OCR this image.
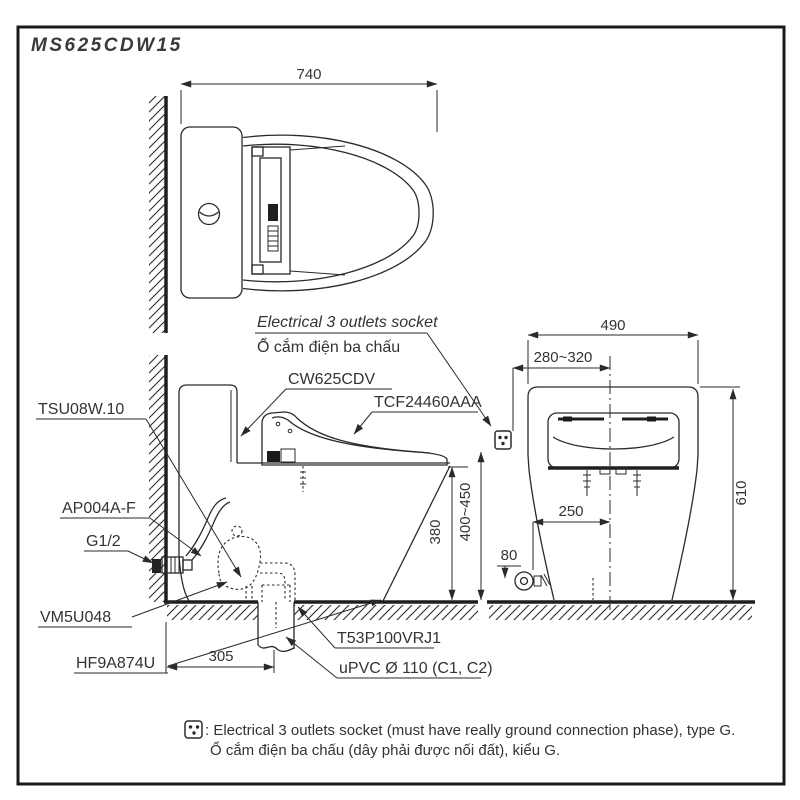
MS625CDW15
740
Electrical 3 outlets socket
Ổ cắm điện ba chấu
380 400~450
305
490
280~320
610
250
80
CW625CDV
TCF24460AAA
TSU08W.10
AP004A-F
G1/2
VM5U048
HF9A874U
T53P100VRJ1
uPVC Ø 110 (C1, C2)
: Electrical 3 outlets socket (must have really ground connection phase), type G.
Ổ cắm điện ba chấu (dây phải được nối đất), kiểu G.
